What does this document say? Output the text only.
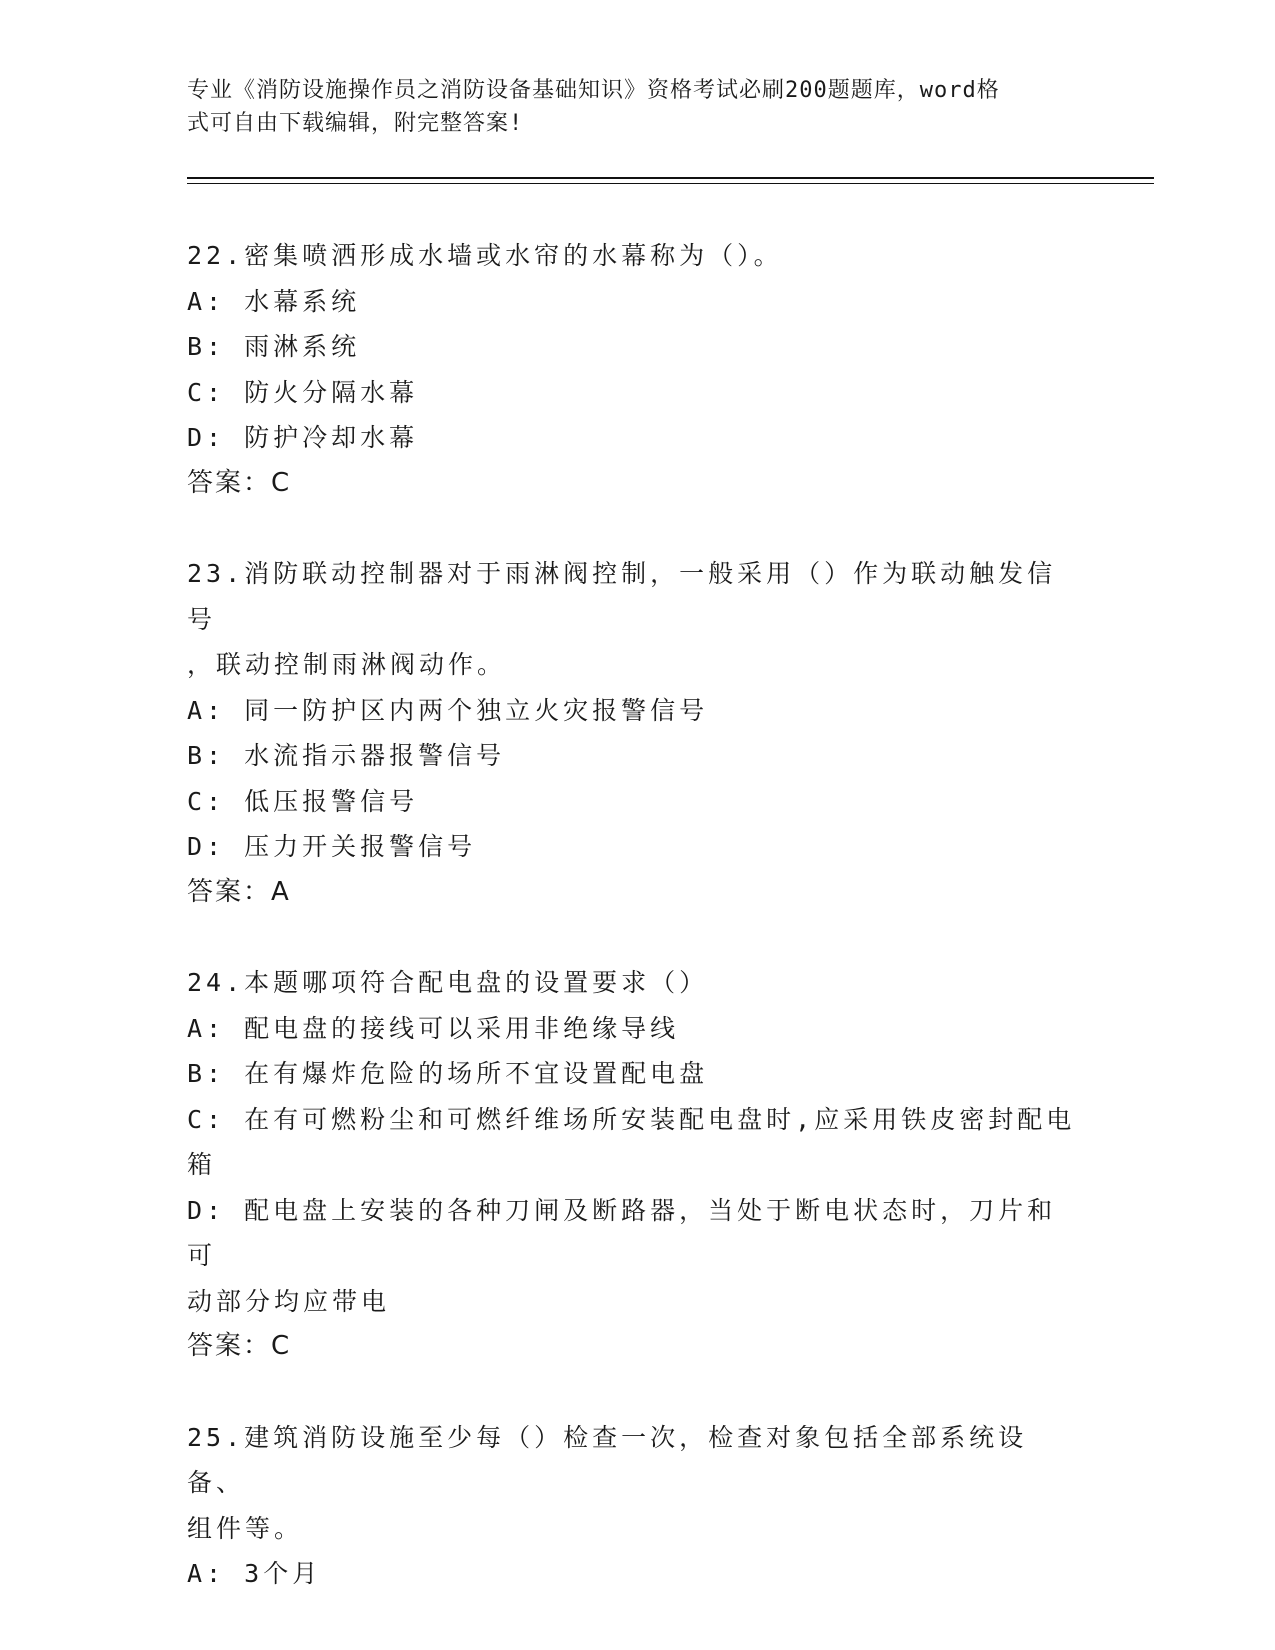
专业《消防设施操作员之消防设备基础知识》资格考试必刷200题题库，word格
式可自由下载编辑，附完整答案!

22.密集喷洒形成水墙或水帘的水幕称为（）。

A: 水幕系统

B: 雨淋系统

C: 防火分隔水幕

D: 防护冷却水幕

答案：C

23.消防联动控制器对于雨淋阀控制，一般采用（）作为联动触发信号

，联动控制雨淋阀动作。

A: 同一防护区内两个独立火灾报警信号

B: 水流指示器报警信号

C: 低压报警信号

D: 压力开关报警信号

答案：A

24.本题哪项符合配电盘的设置要求（）

A: 配电盘的接线可以采用非绝缘导线

B: 在有爆炸危险的场所不宜设置配电盘

C: 在有可燃粉尘和可燃纤维场所安装配电盘时,应采用铁皮密封配电

箱

D: 配电盘上安装的各种刀闸及断路器，当处于断电状态时，刀片和可

动部分均应带电

答案：C

25.建筑消防设施至少每（）检查一次，检查对象包括全部系统设备、

组件等。

A: 3个月
